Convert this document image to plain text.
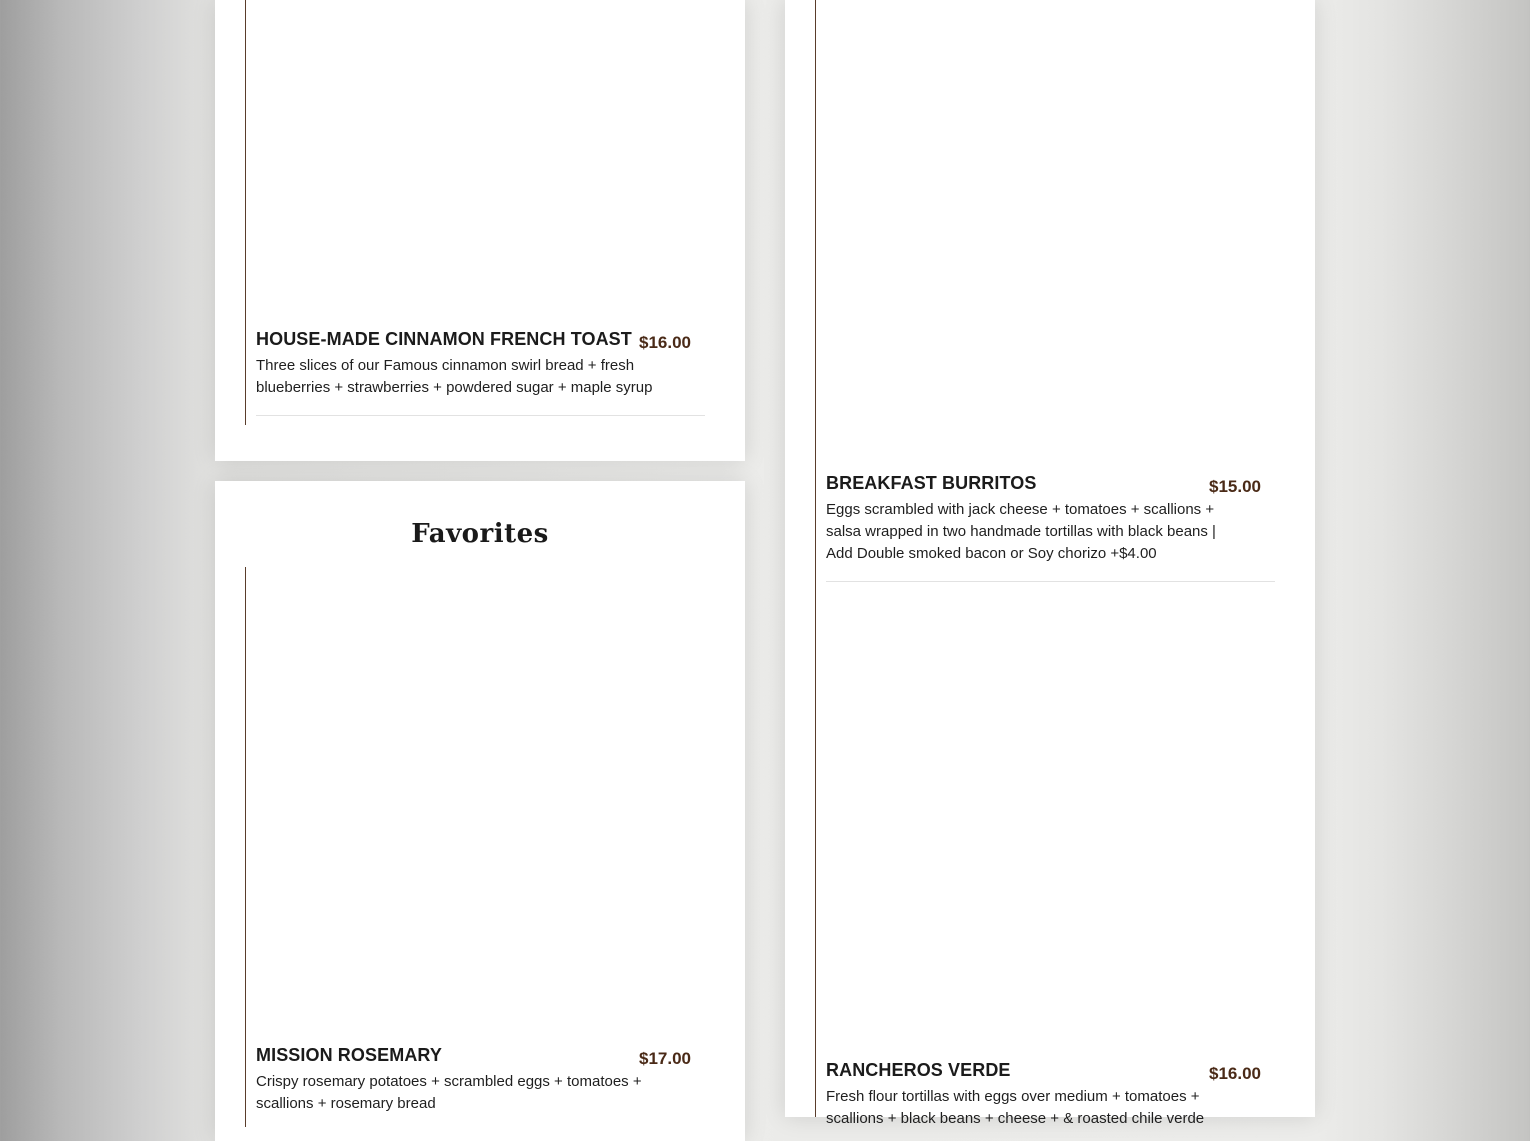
HOUSE-MADE CINNAMON FRENCH TOAST $16.00
Three slices of our Famous cinnamon swirl bread + fresh blueberries + strawberries + powdered sugar + maple syrup
Favorites
MISSION ROSEMARY	$17.00
Crispy rosemary potatoes + scrambled eggs + tomatoes + scallions + rosemary bread
BREAKFAST BURRITOS	$15.00
Eggs scrambled with jack cheese + tomatoes + scallions + salsa wrapped in two handmade tortillas with black beans | Add Double smoked bacon or Soy chorizo +$4.00
RANCHEROS VERDE	$16.00
Fresh flour tortillas with eggs over medium + tomatoes + scallions + black beans + cheese + & roasted chile verde
